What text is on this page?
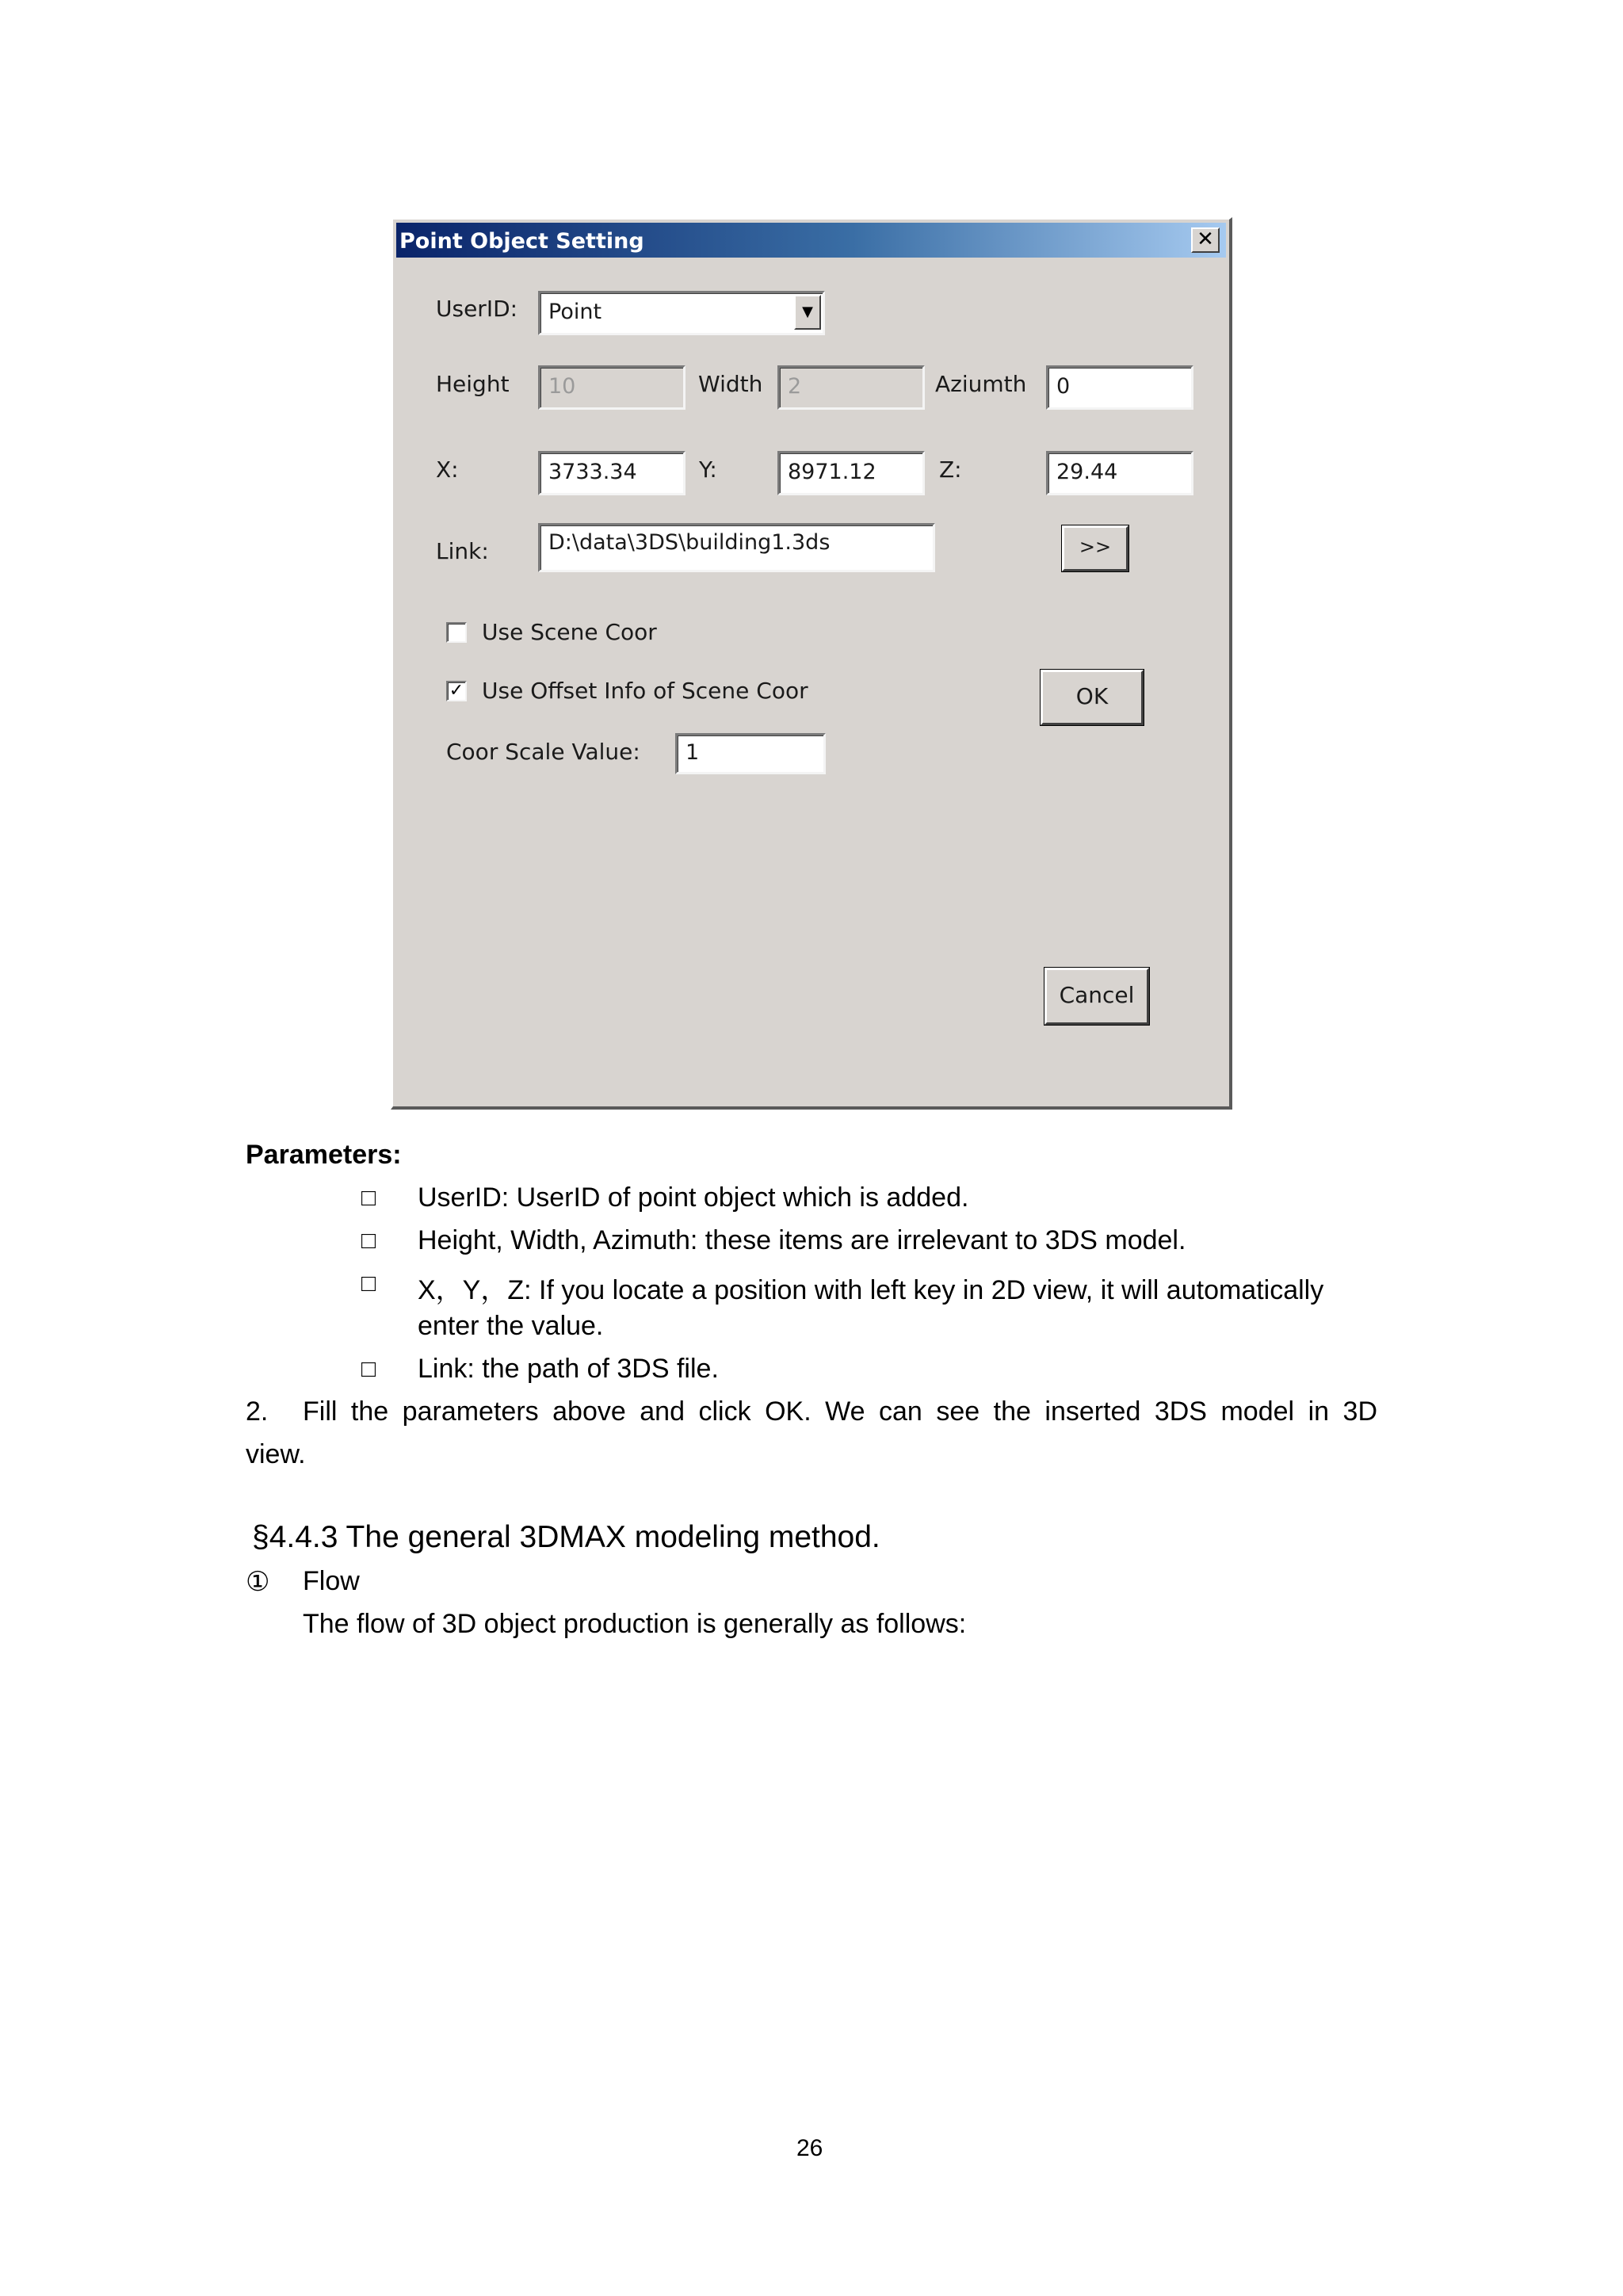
Point Object Setting	✕
UserID:	Point	▼
Height	10	Width	2	Aziumth	0
X:	3733.34	Y:	8971.12	Z:	29.44
Link:	D:\data\3DS\building1.3ds	>>
Use Scene Coor
✓ Use Offset Info of Scene Coor	OK
Coor Scale Value:	1
Cancel
Parameters:
□ UserID: UserID of point object which is added.
□ Height, Width, Azimuth: these items are irrelevant to 3DS model.
□ X，Y，Z: If you locate a position with left key in 2D view, it will automatically
enter the value.
□ Link: the path of 3DS file.
2. Fill the parameters above and click OK. We can see the inserted 3DS model in 3D
view.
§4.4.3 The general 3DMAX modeling method.
① Flow
The flow of 3D object production is generally as follows:
26
